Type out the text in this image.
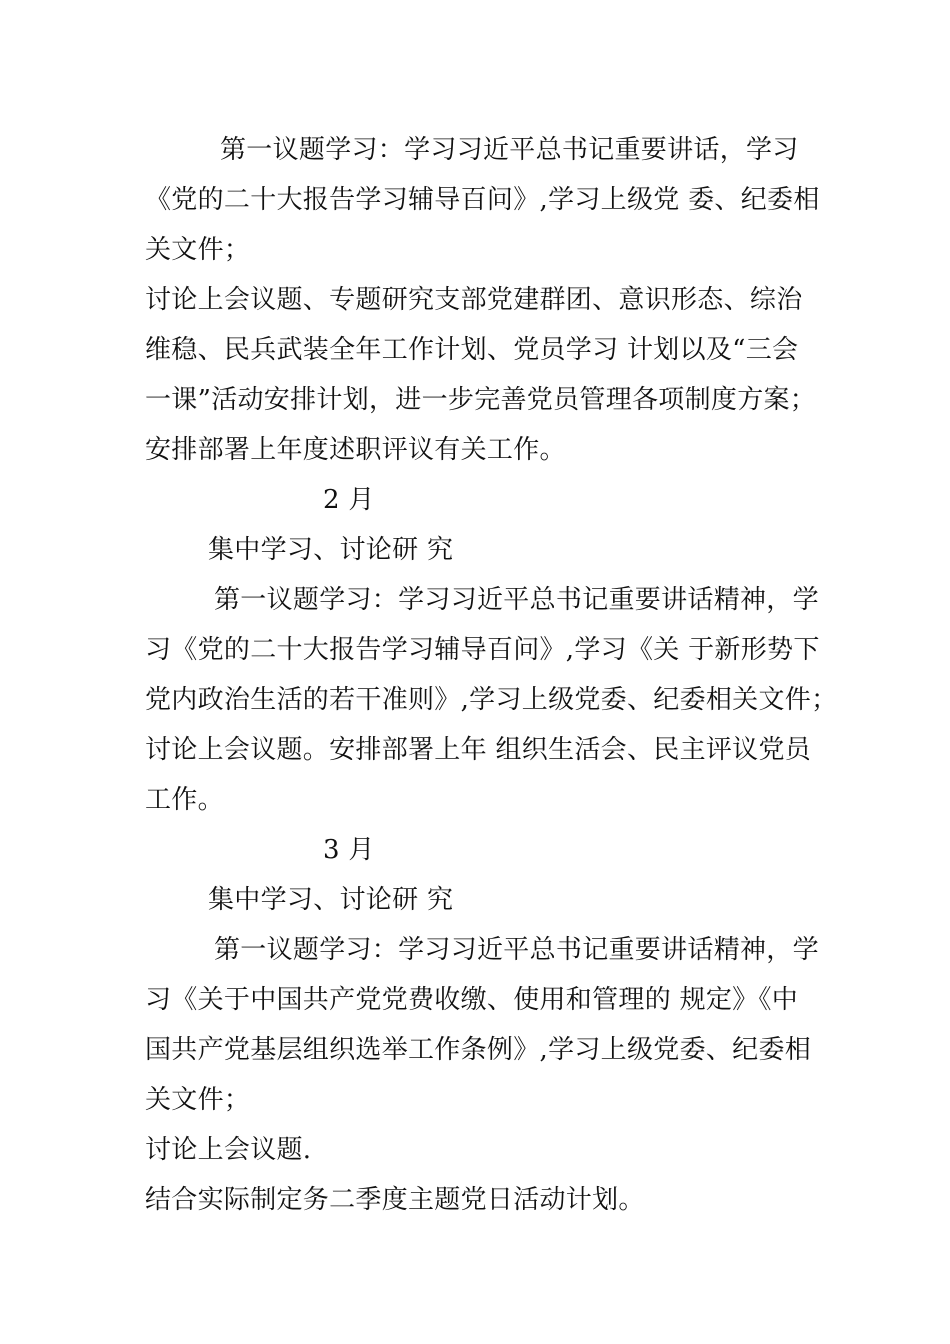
第一议题学习：学习习近平总书记重要讲话，学习
《党的二十大报告学习辅导百问》,学习上级党 委、纪委相
关文件；
讨论上会议题、专题研究支部党建群团、意识形态、综治
维稳、民兵武装全年工作计划、党员学习 计划以及“三会
一课”活动安排计划，进一步完善党员管理各项制度方案；
安排部署上年度述职评议有关工作。
2 月
集中学习、讨论研 究
第一议题学习：学习习近平总书记重要讲话精神，学
习《党的二十大报告学习辅导百问》,学习《关 于新形势下
党内政治生活的若干准则》,学习上级党委、纪委相关文件；
讨论上会议题。安排部署上年 组织生活会、民主评议党员
工作。
3 月
集中学习、讨论研 究
第一议题学习：学习习近平总书记重要讲话精神，学
习《关于中国共产党党费收缴、使用和管理的 规定》《中
国共产党基层组织选举工作条例》,学习上级党委、纪委相
关文件；
讨论上会议题.
结合实际制定务二季度主题党日活动计划。
